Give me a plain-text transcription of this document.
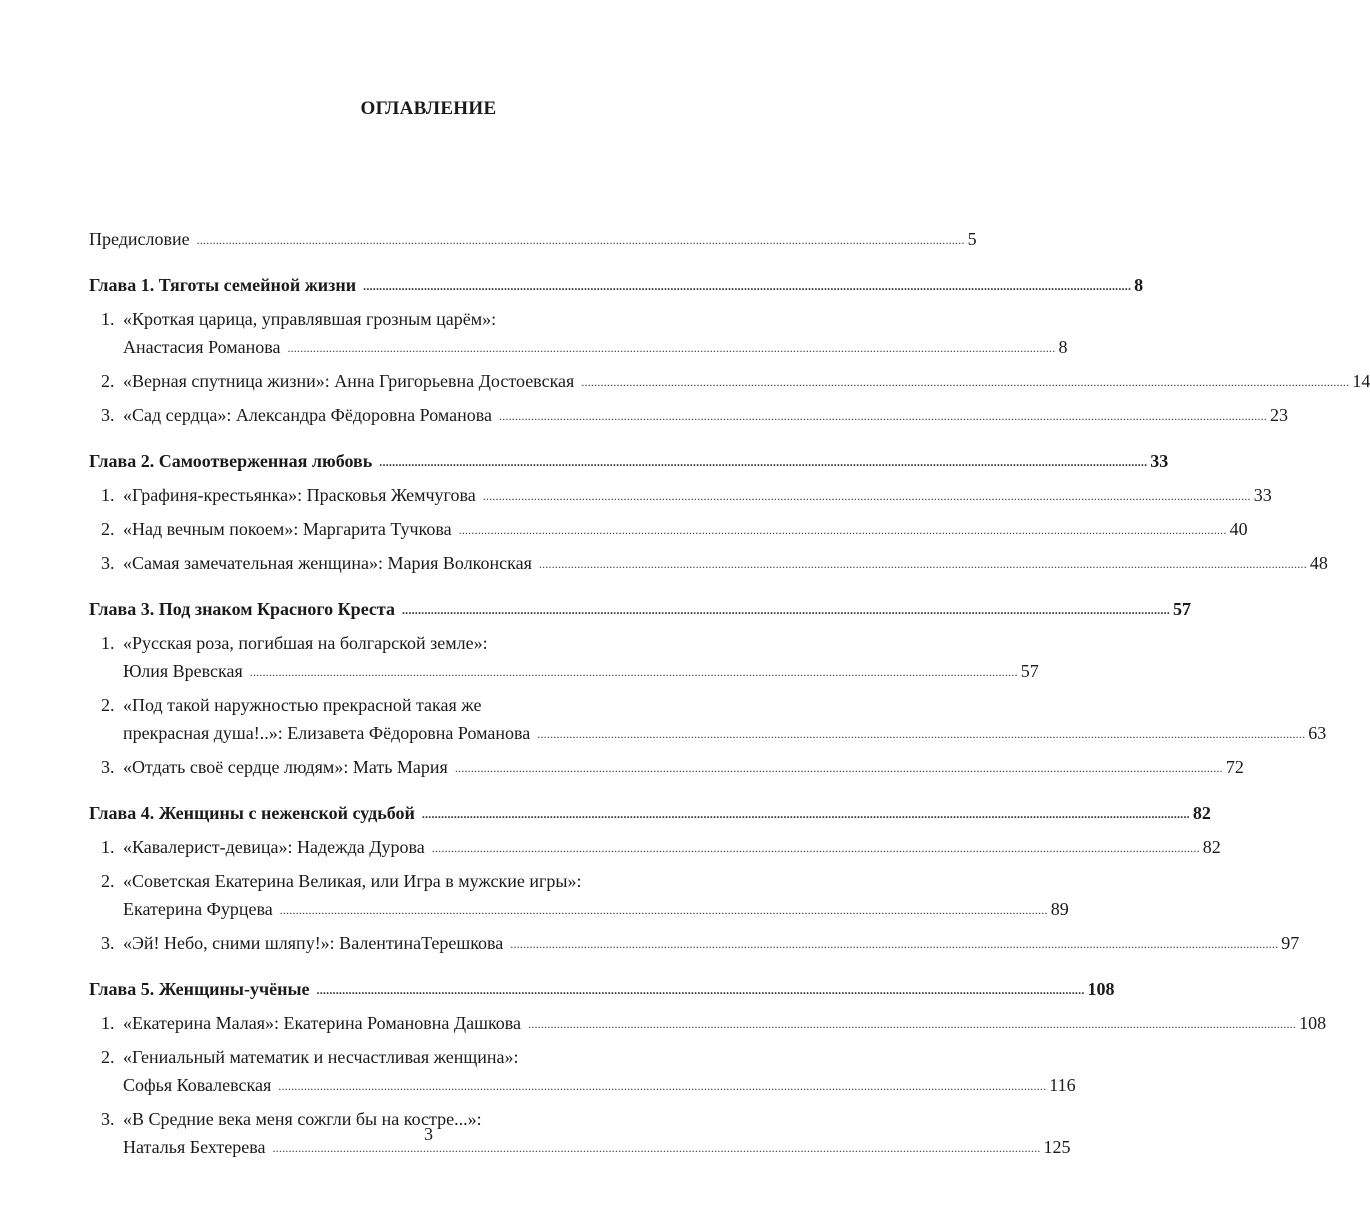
ОГЛАВЛЕНИЕ
Предисловие ................................................................................................................................................................................................................................................ 5
Глава 1. Тяготы семейной жизни ................................................................................................................................................................................................................................................ 8
1. «Кроткая царица, управлявшая грозным царём»:
Анастасия Романова ................................................................................................................................................................................................................................................ 8
2. «Верная спутница жизни»: Анна Григорьевна Достоевская ................................................................................................................................................................................................................................................ 14
3. «Сад сердца»: Александра Фёдоровна Романова ................................................................................................................................................................................................................................................ 23
Глава 2. Самоотверженная любовь ................................................................................................................................................................................................................................................ 33
1. «Графиня-крестьянка»: Прасковья Жемчугова ................................................................................................................................................................................................................................................ 33
2. «Над вечным покоем»: Маргарита Тучкова ................................................................................................................................................................................................................................................ 40
3. «Самая замечательная женщина»: Мария Волконская ................................................................................................................................................................................................................................................ 48
Глава 3. Под знаком Красного Креста ................................................................................................................................................................................................................................................ 57
1. «Русская роза, погибшая на болгарской земле»:
Юлия Вревская ................................................................................................................................................................................................................................................ 57
2. «Под такой наружностью прекрасной такая же
прекрасная душа!..»: Елизавета Фёдоровна Романова ................................................................................................................................................................................................................................................ 63
3. «Отдать своё сердце людям»: Мать Мария ................................................................................................................................................................................................................................................ 72
Глава 4. Женщины с неженской судьбой ................................................................................................................................................................................................................................................ 82
1. «Кавалерист-девица»: Надежда Дурова ................................................................................................................................................................................................................................................ 82
2. «Советская Екатерина Великая, или Игра в мужские игры»:
Екатерина Фурцева ................................................................................................................................................................................................................................................ 89
3. «Эй! Небо, сними шляпу!»: ВалентинаТерешкова ................................................................................................................................................................................................................................................ 97
Глава 5. Женщины-учёные ................................................................................................................................................................................................................................................ 108
1. «Екатерина Малая»: Екатерина Романовна Дашкова ................................................................................................................................................................................................................................................ 108
2. «Гениальный математик и несчастливая женщина»:
Софья Ковалевская ................................................................................................................................................................................................................................................ 116
3. «В Средние века меня сожгли бы на костре...»:
Наталья Бехтерева ................................................................................................................................................................................................................................................ 125
3
